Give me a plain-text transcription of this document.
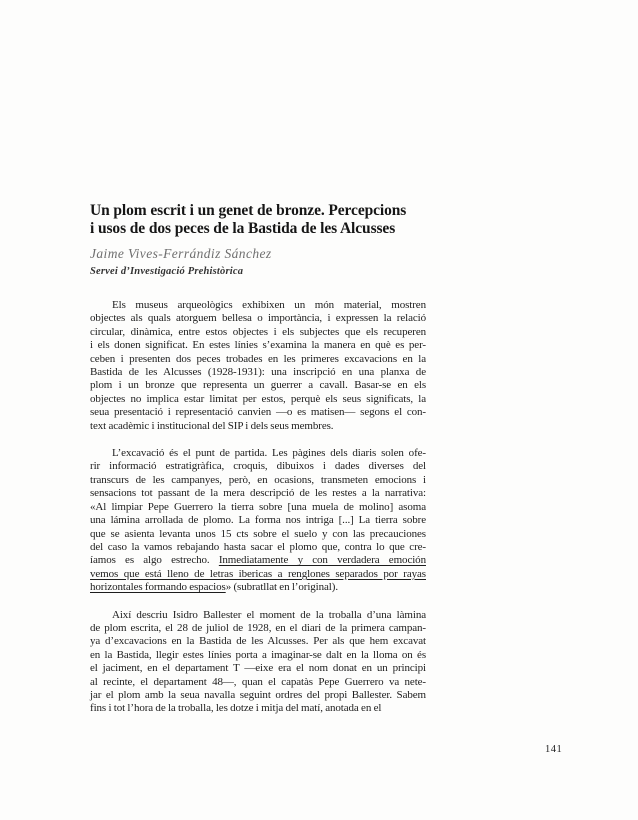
Un plom escrit i un genet de bronze. Percepcions
i usos de dos peces de la Bastida de les Alcusses
Jaime Vives-Ferrándiz Sánchez
Servei d’Investigació Prehistòrica
Els museus arqueològics exhibixen un món material, mostren
objectes als quals atorguem bellesa o importància, i expressen la relació
circular, dinàmica, entre estos objectes i els subjectes que els recuperen
i els donen significat. En estes línies s’examina la manera en què es per-
ceben i presenten dos peces trobades en les primeres excavacions en la
Bastida de les Alcusses (1928-1931): una inscripció en una planxa de
plom i un bronze que representa un guerrer a cavall. Basar-se en els
objectes no implica estar limitat per estos, perquè els seus significats, la
seua presentació i representació canvien —o es matisen— segons el con-
text acadèmic i institucional del SIP i dels seus membres.
L’excavació és el punt de partida. Les pàgines dels diaris solen ofe-
rir informació estratigràfica, croquis, dibuixos i dades diverses del
transcurs de les campanyes, però, en ocasions, transmeten emocions i
sensacions tot passant de la mera descripció de les restes a la narrativa:
«Al limpiar Pepe Guerrero la tierra sobre [una muela de molino] asoma
una lámina arrollada de plomo. La forma nos intriga [...] La tierra sobre
que se asienta levanta unos 15 cts sobre el suelo y con las precauciones
del caso la vamos rebajando hasta sacar el plomo que, contra lo que cre-
íamos es algo estrecho. Inmediatamente y con verdadera emoción
vemos que está lleno de letras ibericas a renglones separados por rayas
horizontales formando espacios» (subratllat en l’original).
Així descriu Isidro Ballester el moment de la troballa d’una làmina
de plom escrita, el 28 de juliol de 1928, en el diari de la primera campan-
ya d’excavacions en la Bastida de les Alcusses. Per als que hem excavat
en la Bastida, llegir estes línies porta a imaginar-se dalt en la lloma on és
el jaciment, en el departament T —eixe era el nom donat en un principi
al recinte, el departament 48—, quan el capatàs Pepe Guerrero va nete-
jar el plom amb la seua navalla seguint ordres del propi Ballester. Sabem
fins i tot l’hora de la troballa, les dotze i mitja del matí, anotada en el
141
